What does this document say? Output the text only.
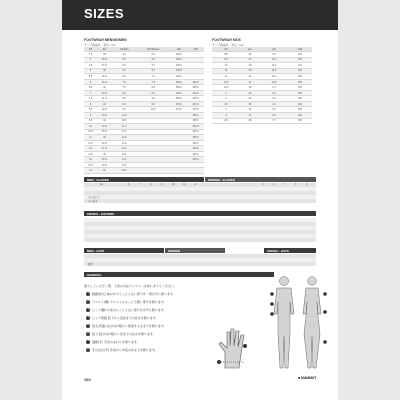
SIZES
FOOTWEAR MEN/WOMEN
サイズ換算表　単位 / mm
UK	EU	US Men	US Women	CM	CM
3.5	36	4.5	5.0	225.0	
4	36 ⅔	5.0	5.5	230.0	
4.5	37 ⅓	5.5	6.0	235.0	
5	38	6.0	6.5	240.0	
5.5	38 ⅔	6.5	7.0	245.0	
6	39 ⅓	7.0	7.5	250.0	250.0
6.5	40	7.5	8.0	255.0	255.0
7	40 ⅔	8.0	8.5	260.0	260.0
7.5	41 ⅓	8.5	9.0	265.0	265.0
8	42	9.0	9.5	270.0	270.0
8.5	42 ⅔	9.5	10.0	275.0	275.0
9	43 ⅓	10.0			280.0
9.5	44	10.5			285.0
10	44 ⅔	11.0			290.0
10.5	45 ⅓	11.5			295.0
11	46	12.0			300.0
11.5	46 ⅔	12.5			305.0
12	47 ⅓	13.0			310.0
12.5	48	13.5			315.0
13	48 ⅔	14.0			320.0
13.5	49 ⅓	14.5			
14	50	15.0			
FOOTWEAR KIDS
サイズ換算表　単位 / mm
UK	EU	US	CM
8.5	26	9.0	160
9.5	27	10.0	165
10	28	11.0	170
11	29	12.0	180
12	30	13.0	185
12.5	31	13.5	190
13.5	32	1.0	195
1	33	2.0	205
2	34	3.0	210
2.5	35	4.0	220
3	36	5.0	225
4	37	6.0	230
4.5	38	7.0	235
MEN · GLOVES	WOMEN · GLOVES
EU
手のまわり
手の長さ
6	7	8	9	10	11	12	5	6	7	8	9
UNISEX · GAITERS
MEN · HATS	WOMEN	UNISEX · HATS
頭囲
GENERAL
採寸していただく際、下記の方法でメジャーを体にあててください。
1 胸囲(首元) 体の中でもっとも太い部分を一周水平に測ります。
2 ウエスト(胴) ウエストのもっとも細い部分を測ります。
3 ヒップ(腰) お尻のもっとも太い部分を水平に測ります。
4 ヒップ周囲 股下から足首までの長さを測ります。
5 着丈(背面) 首の付け根から希望する丈までを測ります。
6 股下 股の付け根から床までの長さを測ります。
7 頭囲(手) 手首のまわりを測ります。
8 手の長さ(手) 手首から中指の先までを測ります。
160	■ MAMMUT
